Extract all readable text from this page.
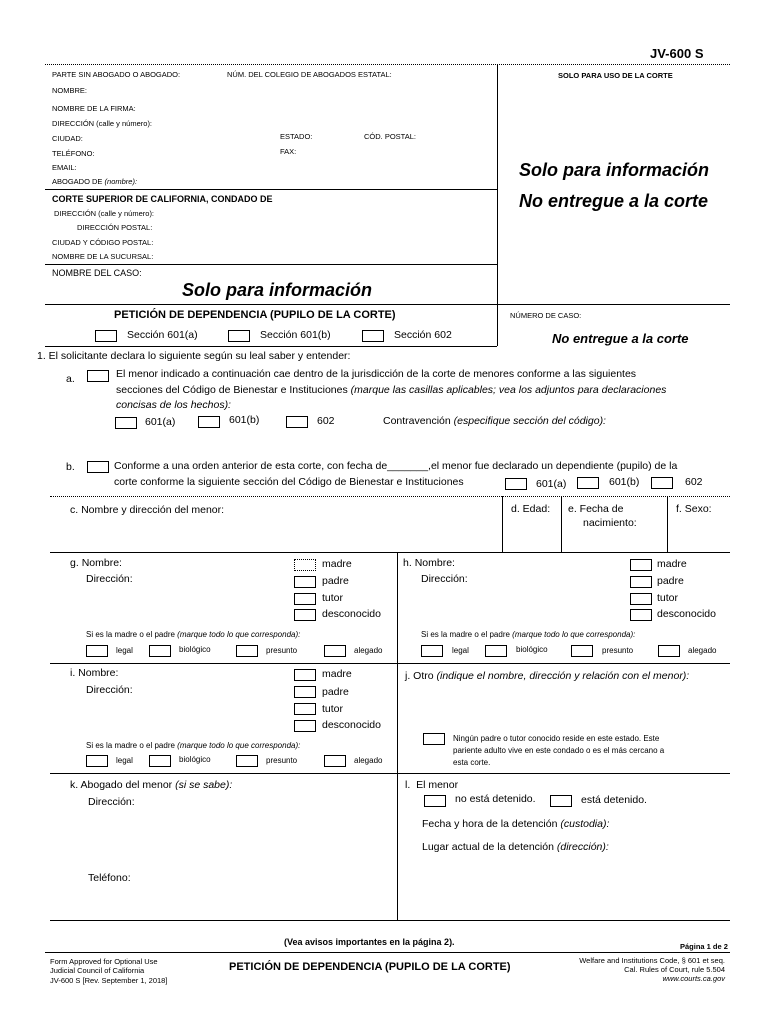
JV-600 S
PARTE SIN ABOGADO O ABOGADO:	NÚM. DEL COLEGIO DE ABOGADOS ESTATAL:	SOLO PARA USO DE LA CORTE
NOMBRE:
NOMBRE DE LA FIRMA:
DIRECCIÓN (calle y número):
CIUDAD:	ESTADO:	CÓD. POSTAL:
TELÉFONO:	FAX:
EMAIL:
ABOGADO DE (nombre):
Solo para información
No entregue a la corte
CORTE SUPERIOR DE CALIFORNIA, CONDADO DE
DIRECCIÓN (calle y número):
DIRECCIÓN POSTAL:
CIUDAD Y CÓDIGO POSTAL:
NOMBRE DE LA SUCURSAL:
NOMBRE DEL CASO:
Solo para información
PETICIÓN DE DEPENDENCIA (PUPILO DE LA CORTE)	NÚMERO DE CASO:
No entregue a la corte
Sección 601(a)	Sección 601(b)	Sección 602
1. El solicitante declara lo siguiente según su leal saber y entender:
a.	El menor indicado a continuación cae dentro de la jurisdicción de la corte de menores conforme a las siguientes
secciones del Código de Bienestar e Instituciones (marque las casillas aplicables; vea los adjuntos para declaraciones
concisas de los hechos):
601(a)	601(b)	602	Contravención (especifique sección del código):
b.	Conforme a una orden anterior de esta corte, con fecha de_______,el menor fue declarado un dependiente (pupilo) de la
corte conforme la siguiente sección del Código de Bienestar e Instituciones	601(a)	601(b)	602
c. Nombre y dirección del menor:	d. Edad: e. Fecha de
nacimiento:
f. Sexo:
g. Nombre:
Dirección:
madre
padre
tutor
desconocido
Si es la madre o el padre (marque todo lo que corresponda):
legal	biológico	presunto	alegado
h. Nombre:
Dirección:
madre
padre
tutor
desconocido
Si es la madre o el padre (marque todo lo que corresponda):
legal	biológico	presunto	alegado
i. Nombre:
Dirección:
madre
padre
tutor
desconocido
Si es la madre o el padre (marque todo lo que corresponda):
legal	biológico	presunto	alegado
j. Otro (indique el nombre, dirección y relación con el menor):
Ningún padre o tutor conocido reside en este estado. Este
pariente adulto vive en este condado o es el más cercano a
esta corte.
k. Abogado del menor (si se sabe):
Dirección:
Teléfono:
l. El menor
no está detenido.	está detenido.
Fecha y hora de la detención (custodia):
Lugar actual de la detención (dirección):
(Vea avisos importantes en la página 2).	Página 1 de 2
Form Approved for Optional Use
Judicial Council of California
JV-600 S [Rev. September 1, 2018]
PETICIÓN DE DEPENDENCIA (PUPILO DE LA CORTE)
Welfare and Institutions Code, § 601 et seq.
Cal. Rules of Court, rule 5.504
www.courts.ca.gov
